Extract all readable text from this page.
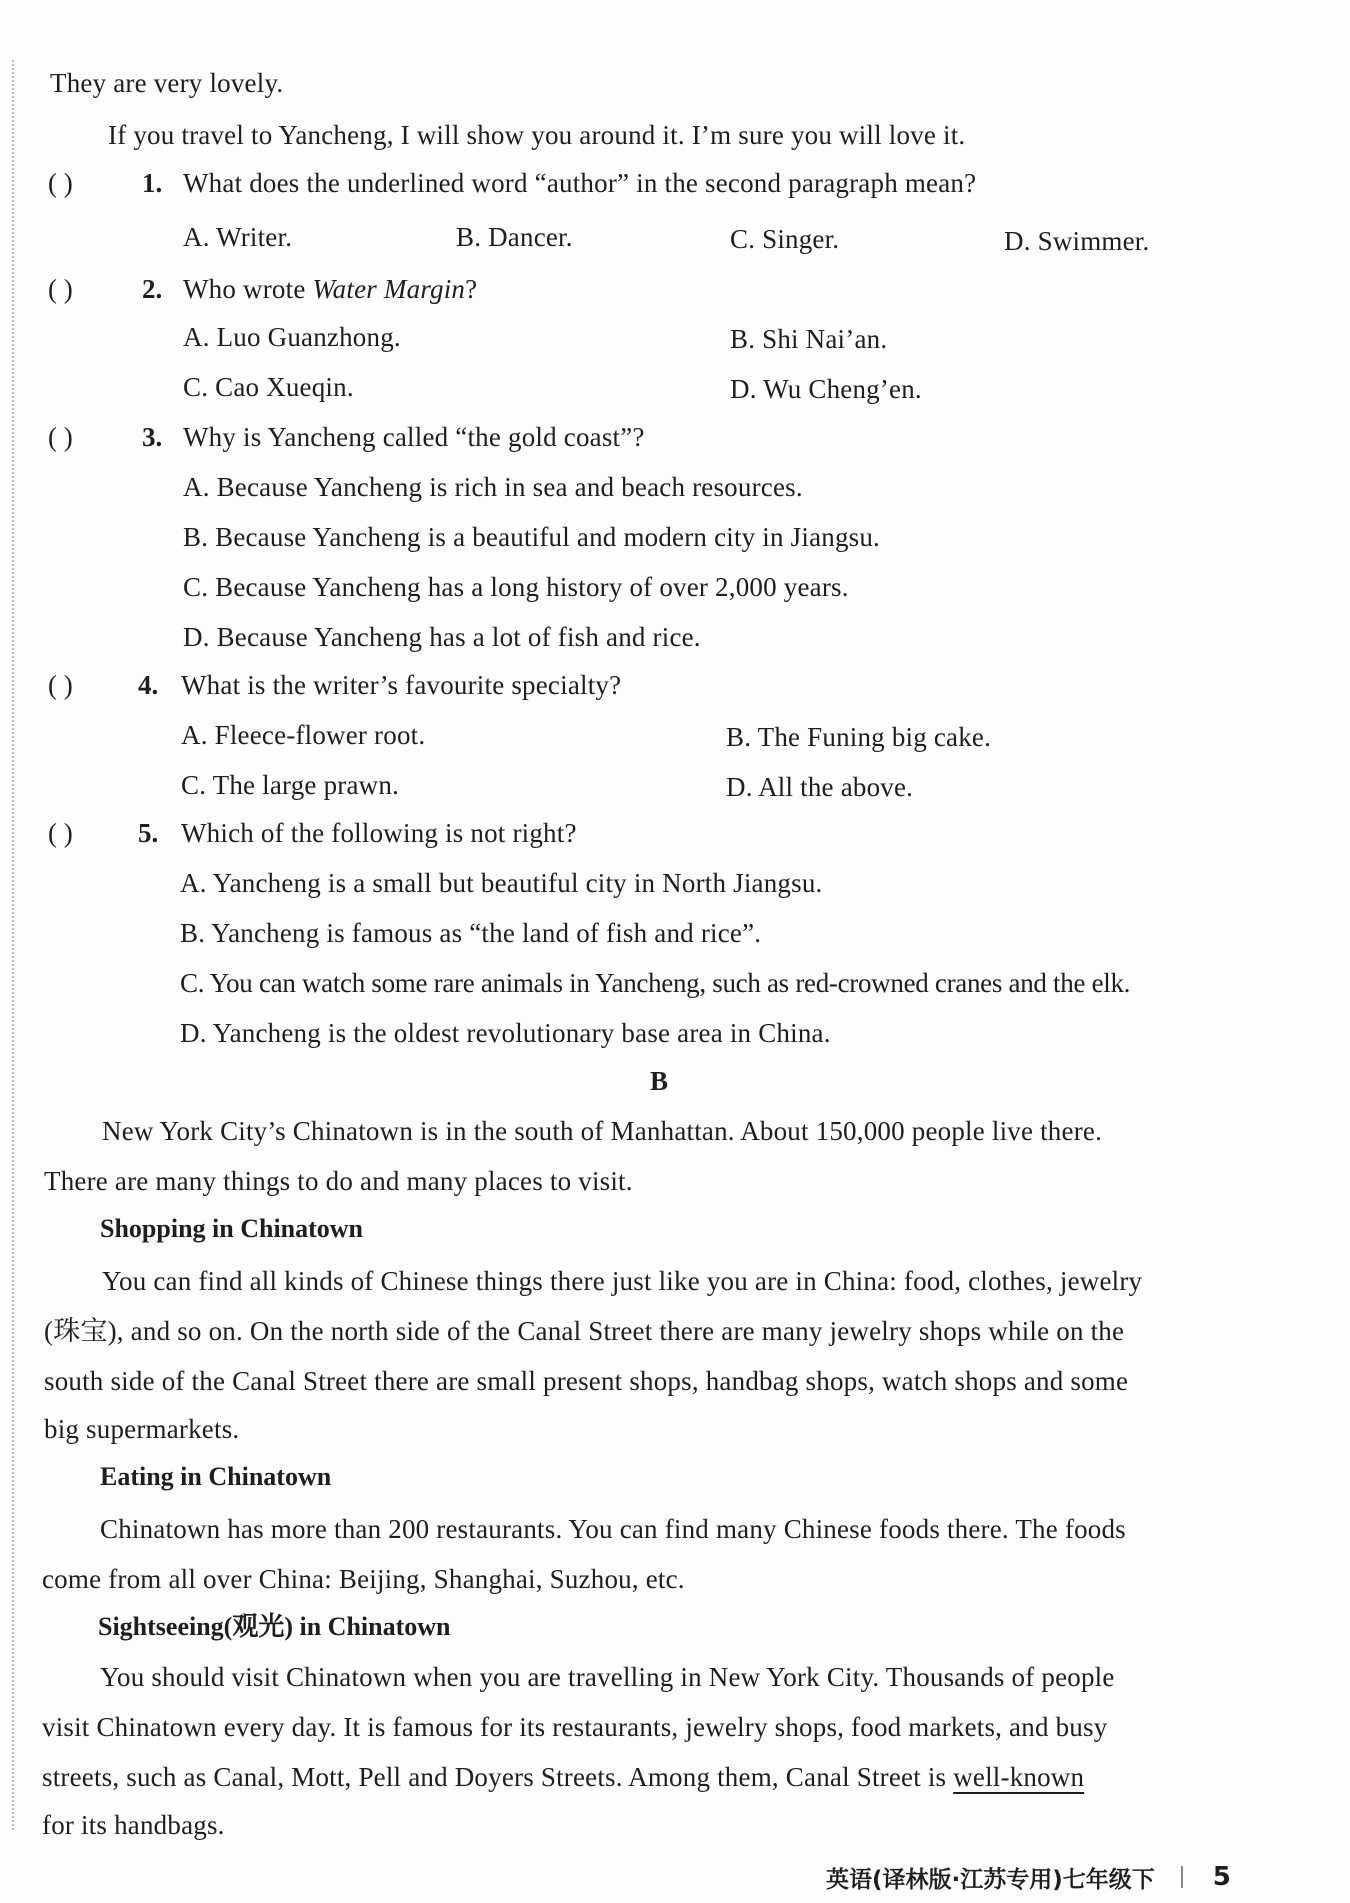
They are very lovely.
If you travel to Yancheng, I will show you around it. I’m sure you will love it.
( )	1. What does the underlined word “author” in the second paragraph mean?
A. Writer.	B. Dancer.	C. Singer.	D. Swimmer.
( )	2. Who wrote Water Margin?
A. Luo Guanzhong.	B. Shi Nai’an.
C. Cao Xueqin.	D. Wu Cheng’en.
( )	3. Why is Yancheng called “the gold coast”?
A. Because Yancheng is rich in sea and beach resources.
B. Because Yancheng is a beautiful and modern city in Jiangsu.
C. Because Yancheng has a long history of over 2,000 years.
D. Because Yancheng has a lot of fish and rice.
( ) 4. What is the writer’s favourite specialty?
A. Fleece-flower root.	B. The Funing big cake.
C. The large prawn.	D. All the above.
( ) 5. Which of the following is not right?
A. Yancheng is a small but beautiful city in North Jiangsu.
B. Yancheng is famous as “the land of fish and rice”.
C. You can watch some rare animals in Yancheng, such as red-crowned cranes and the elk.
D. Yancheng is the oldest revolutionary base area in China.
B
New York City’s Chinatown is in the south of Manhattan. About 150,000 people live there.
There are many things to do and many places to visit.
Shopping in Chinatown
You can find all kinds of Chinese things there just like you are in China: food, clothes, jewelry
(珠宝), and so on. On the north side of the Canal Street there are many jewelry shops while on the
south side of the Canal Street there are small present shops, handbag shops, watch shops and some
big supermarkets.
Eating in Chinatown
Chinatown has more than 200 restaurants. You can find many Chinese foods there. The foods
come from all over China: Beijing, Shanghai, Suzhou, etc.
Sightseeing(观光) in Chinatown
You should visit Chinatown when you are travelling in New York City. Thousands of people
visit Chinatown every day. It is famous for its restaurants, jewelry shops, food markets, and busy
streets, such as Canal, Mott, Pell and Doyers Streets. Among them, Canal Street is well-known
for its handbags.
英语(译林版·江苏专用)七年级下 5
